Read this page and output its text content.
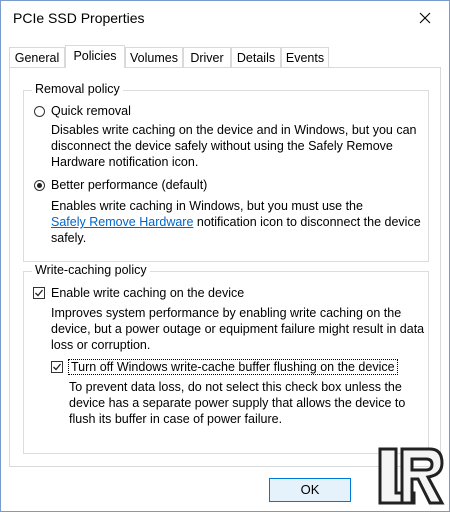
PCIe SSD Properties
General	Policies	Volumes Driver	Details Events
Removal policy
Quick removal
Disables write caching on the device and in Windows, but you can
disconnect the device safely without using the Safely Remove
Hardware notification icon.
Better performance (default)
Enables write caching in Windows, but you must use the
Safely Remove Hardware notification icon to disconnect the device
safely.
Write-caching policy
Enable write caching on the device
Improves system performance by enabling write caching on the
device, but a power outage or equipment failure might result in data
loss or corruption.
Turn off Windows write-cache buffer flushing on the device
To prevent data loss, do not select this check box unless the
device has a separate power supply that allows the device to
flush its buffer in case of power failure.
OK
